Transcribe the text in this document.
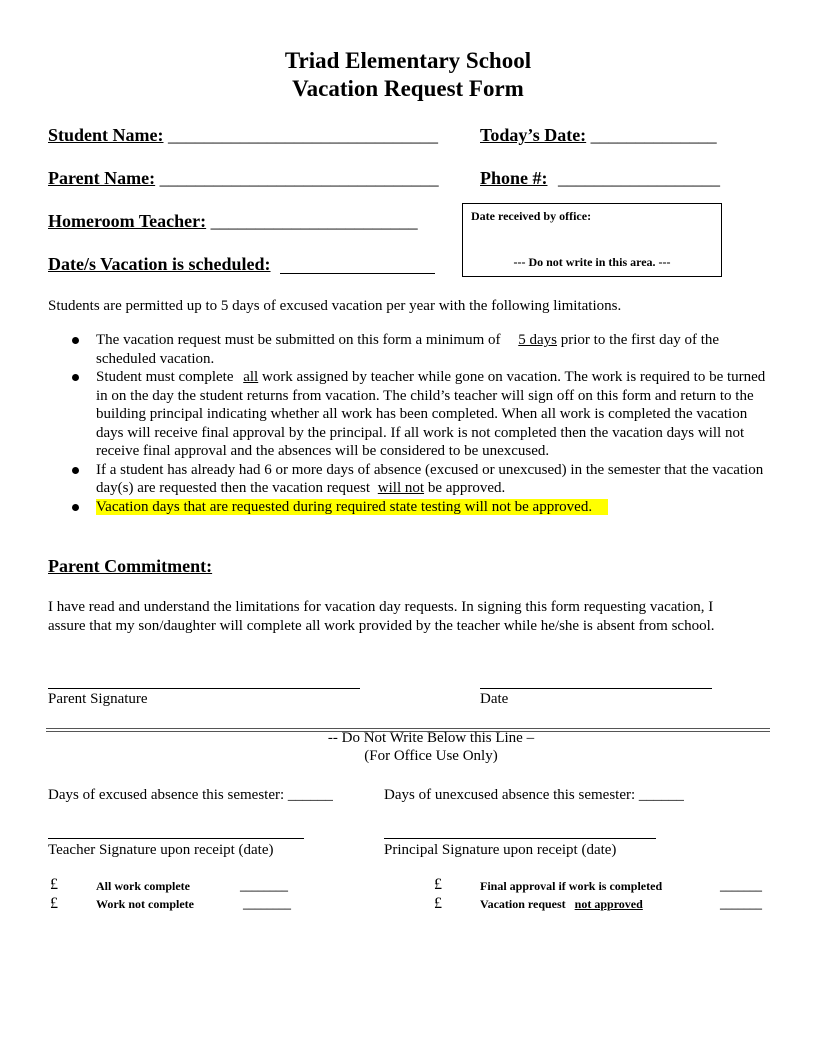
Triad Elementary School
Vacation Request Form
Student Name: ______________________________ Today’s Date: ______________
Parent Name: _______________________________ Phone #: __________________
Homeroom Teacher: _______________________
Date/s Vacation is scheduled:
Date received by office:
--- Do not write in this area. ---
Students are permitted up to 5 days of excused vacation per year with the following limitations.
The vacation request must be submitted on this form a minimum of 5 days prior to the first day of the scheduled vacation.
Student must complete all work assigned by teacher while gone on vacation. The work is required to be turned in on the day the student returns from vacation. The child’s teacher will sign off on this form and return to the building principal indicating whether all work has been completed. When all work is completed the vacation days will receive final approval by the principal. If all work is not completed then the vacation days will not receive final approval and the absences will be considered to be unexcused.
If a student has already had 6 or more days of absence (excused or unexcused) in the semester that the vacation day(s) are requested then the vacation request will not be approved.
Vacation days that are requested during required state testing will not be approved.
Parent Commitment:
I have read and understand the limitations for vacation day requests. In signing this form requesting vacation, I assure that my son/daughter will complete all work provided by the teacher while he/she is absent from school.
Parent Signature	Date
-- Do Not Write Below this Line –
(For Office Use Only)
Days of excused absence this semester: ______	Days of unexcused absence this semester: ______
Teacher Signature upon receipt (date)	Principal Signature upon receipt (date)
£	All work complete	________
£	Work not complete	________
£	Final approval if work is completed	_______
£	Vacation request not approved	_______
